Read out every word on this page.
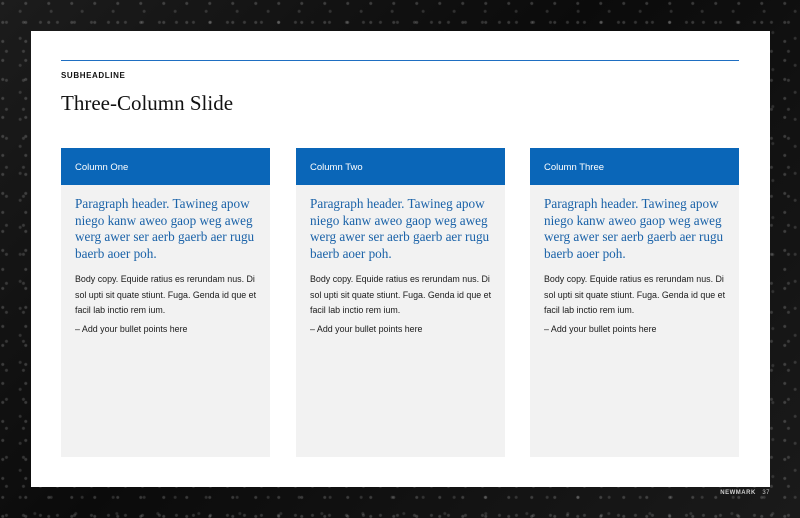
SUBHEADLINE
Three-Column Slide
Column One
Paragraph header. Tawineg apow niego kanw aweo gaop weg aweg werg awer ser aerb gaerb aer rugu baerb aoer poh.
Body copy. Equide ratius es rerundam nus. Di sol upti sit quate stiunt. Fuga. Genda id que et facil lab inctio rem ium.
– Add your bullet points here
Column Two
Paragraph header. Tawineg apow niego kanw aweo gaop weg aweg werg awer ser aerb gaerb aer rugu baerb aoer poh.
Body copy. Equide ratius es rerundam nus. Di sol upti sit quate stiunt. Fuga. Genda id que et facil lab inctio rem ium.
– Add your bullet points here
Column Three
Paragraph header. Tawineg apow niego kanw aweo gaop weg aweg werg awer ser aerb gaerb aer rugu baerb aoer poh.
Body copy. Equide ratius es rerundam nus. Di sol upti sit quate stiunt. Fuga. Genda id que et facil lab inctio rem ium.
– Add your bullet points here
NEWMARK 37
